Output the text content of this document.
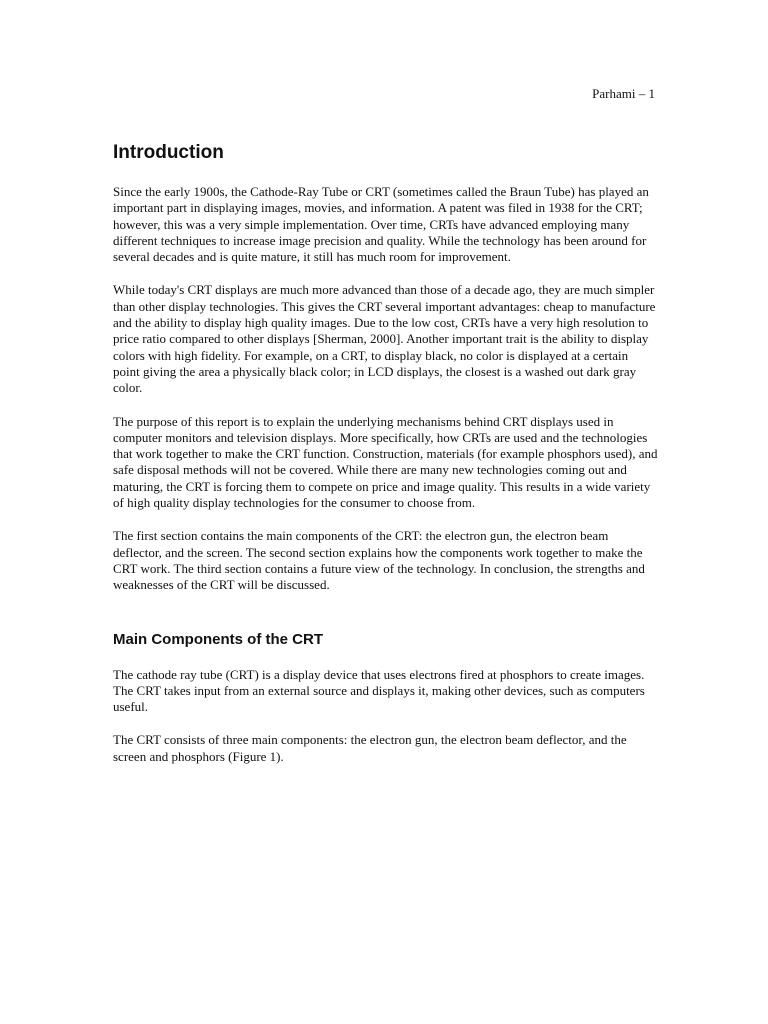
Parhami – 1
Introduction

Since the early 1900s, the Cathode-Ray Tube or CRT (sometimes called the Braun Tube) has played an important part in displaying images, movies, and information. A patent was filed in 1938 for the CRT; however, this was a very simple implementation. Over time, CRTs have advanced employing many different techniques to increase image precision and quality. While the technology has been around for several decades and is quite mature, it still has much room for improvement.

While today's CRT displays are much more advanced than those of a decade ago, they are much simpler than other display technologies. This gives the CRT several important advantages: cheap to manufacture and the ability to display high quality images. Due to the low cost, CRTs have a very high resolution to price ratio compared to other displays [Sherman, 2000]. Another important trait is the ability to display colors with high fidelity. For example, on a CRT, to display black, no color is displayed at a certain point giving the area a physically black color; in LCD displays, the closest is a washed out dark gray color.

The purpose of this report is to explain the underlying mechanisms behind CRT displays used in computer monitors and television displays. More specifically, how CRTs are used and the technologies that work together to make the CRT function. Construction, materials (for example phosphors used), and safe disposal methods will not be covered. While there are many new technologies coming out and maturing, the CRT is forcing them to compete on price and image quality. This results in a wide variety of high quality display technologies for the consumer to choose from.

The first section contains the main components of the CRT: the electron gun, the electron beam deflector, and the screen. The second section explains how the components work together to make the CRT work. The third section contains a future view of the technology. In conclusion, the strengths and weaknesses of the CRT will be discussed.

Main Components of the CRT

The cathode ray tube (CRT) is a display device that uses electrons fired at phosphors to create images. The CRT takes input from an external source and displays it, making other devices, such as computers useful.

The CRT consists of three main components: the electron gun, the electron beam deflector, and the screen and phosphors (Figure 1).
